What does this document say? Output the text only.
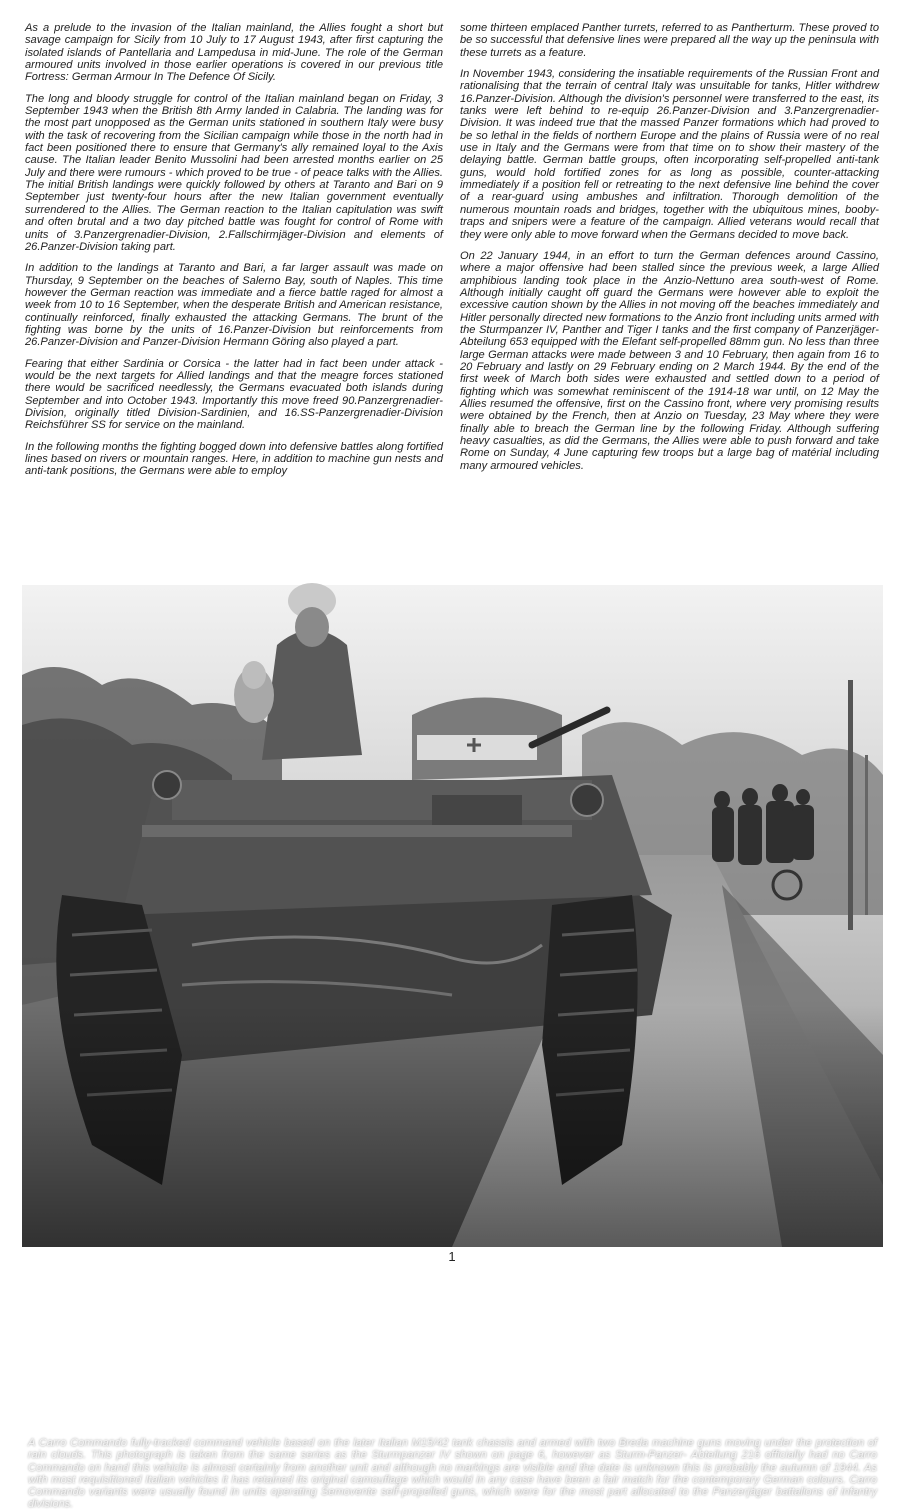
As a prelude to the invasion of the Italian mainland, the Allies fought a short but savage campaign for Sicily from 10 July to 17 August 1943, after first capturing the isolated islands of Pantellaria and Lampedusa in mid-June. The role of the German armoured units involved in those earlier operations is covered in our previous title Fortress: German Armour In The Defence Of Sicily.

The long and bloody struggle for control of the Italian mainland began on Friday, 3 September 1943 when the British 8th Army landed in Calabria. The landing was for the most part unopposed as the German units stationed in southern Italy were busy with the task of recovering from the Sicilian campaign while those in the north had in fact been positioned there to ensure that Germany's ally remained loyal to the Axis cause. The Italian leader Benito Mussolini had been arrested months earlier on 25 July and there were rumours - which proved to be true - of peace talks with the Allies. The initial British landings were quickly followed by others at Taranto and Bari on 9 September just twenty-four hours after the new Italian government eventually surrendered to the Allies. The German reaction to the Italian capitulation was swift and often brutal and a two day pitched battle was fought for control of Rome with units of 3.Panzergrenadier-Division, 2.Fallschirmjäger-Division and elements of 26.Panzer-Division taking part.

In addition to the landings at Taranto and Bari, a far larger assault was made on Thursday, 9 September on the beaches of Salerno Bay, south of Naples. This time however the German reaction was immediate and a fierce battle raged for almost a week from 10 to 16 September, when the desperate British and American resistance, continually reinforced, finally exhausted the attacking Germans. The brunt of the fighting was borne by the units of 16.Panzer-Division but reinforcements from 26.Panzer-Division and Panzer-Division Hermann Göring also played a part.

Fearing that either Sardinia or Corsica - the latter had in fact been under attack - would be the next targets for Allied landings and that the meagre forces stationed there would be sacrificed needlessly, the Germans evacuated both islands during September and into October 1943. Importantly this move freed 90.Panzergrenadier-Division, originally titled Division-Sardinien, and 16.SS-Panzergrenadier-Division Reichsführer SS for service on the mainland.

In the following months the fighting bogged down into defensive battles along fortified lines based on rivers or mountain ranges. Here, in addition to machine gun nests and anti-tank positions, the Germans were able to employ

some thirteen emplaced Panther turrets, referred to as Pantherturm. These proved to be so successful that defensive lines were prepared all the way up the peninsula with these turrets as a feature.

In November 1943, considering the insatiable requirements of the Russian Front and rationalising that the terrain of central Italy was unsuitable for tanks, Hitler withdrew 16.Panzer-Division. Although the division's personnel were transferred to the east, its tanks were left behind to re-equip 26.Panzer-Division and 3.Panzergrenadier-Division. It was indeed true that the massed Panzer formations which had proved to be so lethal in the fields of northern Europe and the plains of Russia were of no real use in Italy and the Germans were from that time on to show their mastery of the delaying battle. German battle groups, often incorporating self-propelled anti-tank guns, would hold fortified zones for as long as possible, counter-attacking immediately if a position fell or retreating to the next defensive line behind the cover of a rear-guard using ambushes and infiltration. Thorough demolition of the numerous mountain roads and bridges, together with the ubiquitous mines, booby-traps and snipers were a feature of the campaign. Allied veterans would recall that they were only able to move forward when the Germans decided to move back.

On 22 January 1944, in an effort to turn the German defences around Cassino, where a major offensive had been stalled since the previous week, a large Allied amphibious landing took place in the Anzio-Nettuno area south-west of Rome. Although initially caught off guard the Germans were however able to exploit the excessive caution shown by the Allies in not moving off the beaches immediately and Hitler personally directed new formations to the Anzio front including units armed with the Sturmpanzer IV, Panther and Tiger I tanks and the first company of Panzerjäger-Abteilung 653 equipped with the Elefant self-propelled 88mm gun. No less than three large German attacks were made between 3 and 10 February, then again from 16 to 20 February and lastly on 29 February ending on 2 March 1944. By the end of the first week of March both sides were exhausted and settled down to a period of fighting which was somewhat reminiscent of the 1914-18 war until, on 12 May the Allies resumed the offensive, first on the Cassino front, where very promising results were obtained by the French, then at Anzio on Tuesday, 23 May where they were finally able to breach the German line by the following Friday. Although suffering heavy casualties, as did the Germans, the Allies were able to push forward and take Rome on Sunday, 4 June capturing few troops but a large bag of matérial including many armoured vehicles.

A Carro Commando fully-tracked command vehicle based on the later Italian M15/42 tank chassis and armed with two Breda machine guns moving under the protection of rain clouds. This photograph is taken from the same series as the Sturmpanzer IV shown on page 6, however as Sturm-Panzer- Abteilung 216 officially had no Carro Commando on hand this vehicle is almost certainly from another unit and although no markings are visible and the date is unknown this is probably the autumn of 1944. As with most requisitioned Italian vehicles it has retained its original camouflage which would in any case have been a fair match for the contemporary German colours. Carro Commando variants were usually found in units operating Semovente self-propelled guns, which were for the most part allocated to the Panzerjäger battalions of infantry divisions.
1
